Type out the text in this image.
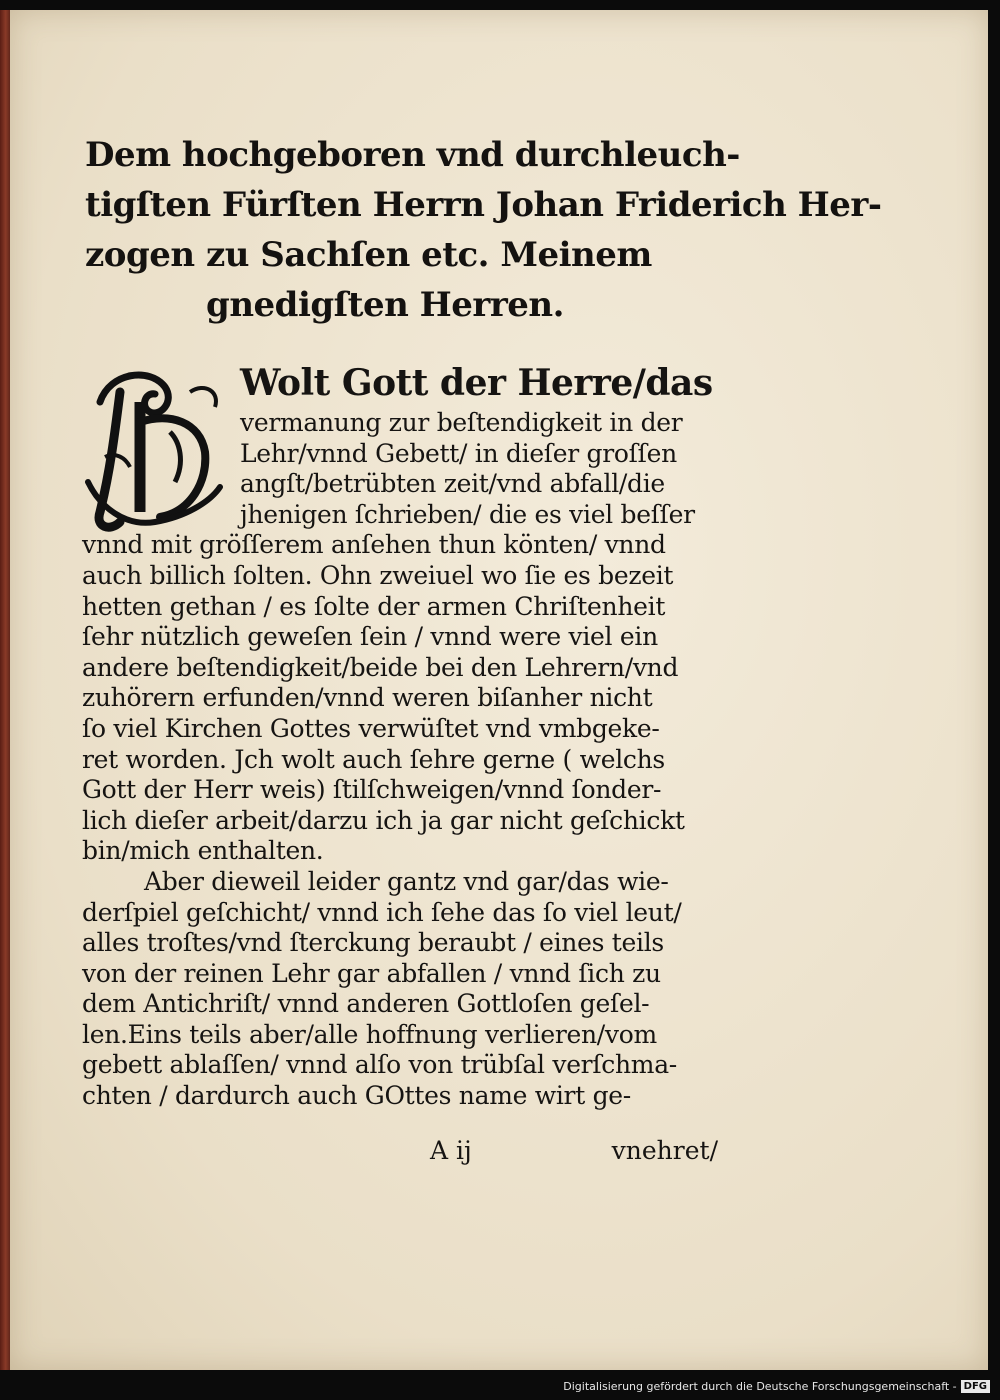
Dem hochgeboren vnd durchleuch-
tigſten Fürſten Herrn Johan Friderich Her-
zogen zu Sachſen etc. Meinem
gnedigſten Herren.
Wolt Gott der Herre/das
vermanung zur beſtendigkeit in der
Lehr/vnnd Gebett/ in dieſer groſſen
angſt/betrübten zeit/vnd abfall/die
jhenigen ſchrieben/ die es viel beſſer
vnnd mit gröſſerem anſehen thun könten/ vnnd
auch billich ſolten. Ohn zweiuel wo ſie es bezeit
hetten gethan / es ſolte der armen Chriſtenheit
ſehr nützlich geweſen ſein / vnnd were viel ein
andere beſtendigkeit/beide bei den Lehrern/vnd
zuhörern erfunden/vnnd weren biſanher nicht
ſo viel Kirchen Gottes verwüſtet vnd vmbgeke-
ret worden. Jch wolt auch ſehre gerne ( welchs
Gott der Herr weis) ſtilſchweigen/vnnd ſonder-
lich dieſer arbeit/darzu ich ja gar nicht geſchickt
bin/mich enthalten.
Aber dieweil leider gantz vnd gar/das wie-
derſpiel geſchicht/ vnnd ich ſehe das ſo viel leut/
alles troſtes/vnd ſterckung beraubt / eines teils
von der reinen Lehr gar abfallen / vnnd ſich zu
dem Antichriſt/ vnnd anderen Gottloſen geſel-
len.Eins teils aber/alle hoffnung verlieren/vom
gebett ablaſſen/ vnnd alſo von trübſal verſchma-
chten / dardurch auch GOttes name wirt ge-
A ij	vnehret/
Digitalisierung gefördert durch die Deutsche Forschungsgemeinschaft - DFG
